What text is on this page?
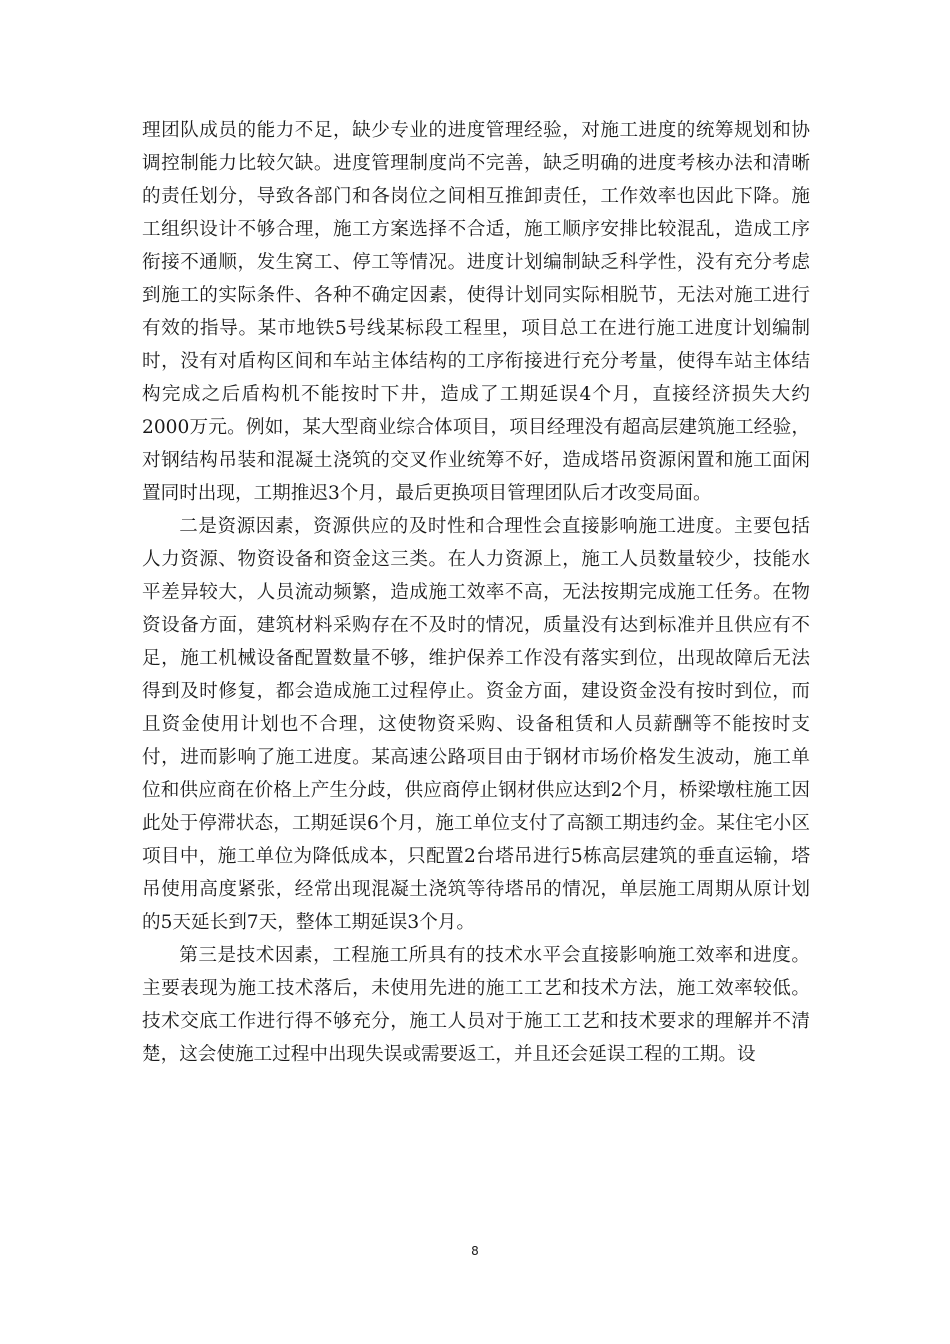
理团队成员的能力不足，缺少专业的进度管理经验，对施工进度的统筹规划和协调控制能力比较欠缺。进度管理制度尚不完善，缺乏明确的进度考核办法和清晰的责任划分，导致各部门和各岗位之间相互推卸责任，工作效率也因此下降。施工组织设计不够合理，施工方案选择不合适，施工顺序安排比较混乱，造成工序衔接不通顺，发生窝工、停工等情况。进度计划编制缺乏科学性，没有充分考虑到施工的实际条件、各种不确定因素，使得计划同实际相脱节，无法对施工进行有效的指导。某市地铁5号线某标段工程里，项目总工在进行施工进度计划编制时，没有对盾构区间和车站主体结构的工序衔接进行充分考量，使得车站主体结构完成之后盾构机不能按时下井，造成了工期延误4个月，直接经济损失大约2000万元。例如，某大型商业综合体项目，项目经理没有超高层建筑施工经验，对钢结构吊装和混凝土浇筑的交叉作业统筹不好，造成塔吊资源闲置和施工面闲置同时出现，工期推迟3个月，最后更换项目管理团队后才改变局面。

二是资源因素，资源供应的及时性和合理性会直接影响施工进度。主要包括人力资源、物资设备和资金这三类。在人力资源上，施工人员数量较少，技能水平差异较大，人员流动频繁，造成施工效率不高，无法按期完成施工任务。在物资设备方面，建筑材料采购存在不及时的情况，质量没有达到标准并且供应有不足，施工机械设备配置数量不够，维护保养工作没有落实到位，出现故障后无法得到及时修复，都会造成施工过程停止。资金方面，建设资金没有按时到位，而且资金使用计划也不合理，这使物资采购、设备租赁和人员薪酬等不能按时支付，进而影响了施工进度。某高速公路项目由于钢材市场价格发生波动，施工单位和供应商在价格上产生分歧，供应商停止钢材供应达到2个月，桥梁墩柱施工因此处于停滞状态，工期延误6个月，施工单位支付了高额工期违约金。某住宅小区项目中，施工单位为降低成本，只配置2台塔吊进行5栋高层建筑的垂直运输，塔吊使用高度紧张，经常出现混凝土浇筑等待塔吊的情况，单层施工周期从原计划的5天延长到7天，整体工期延误3个月。

第三是技术因素，工程施工所具有的技术水平会直接影响施工效率和进度。主要表现为施工技术落后，未使用先进的施工工艺和技术方法，施工效率较低。技术交底工作进行得不够充分，施工人员对于施工工艺和技术要求的理解并不清楚，这会使施工过程中出现失误或需要返工，并且还会延误工程的工期。设

8
